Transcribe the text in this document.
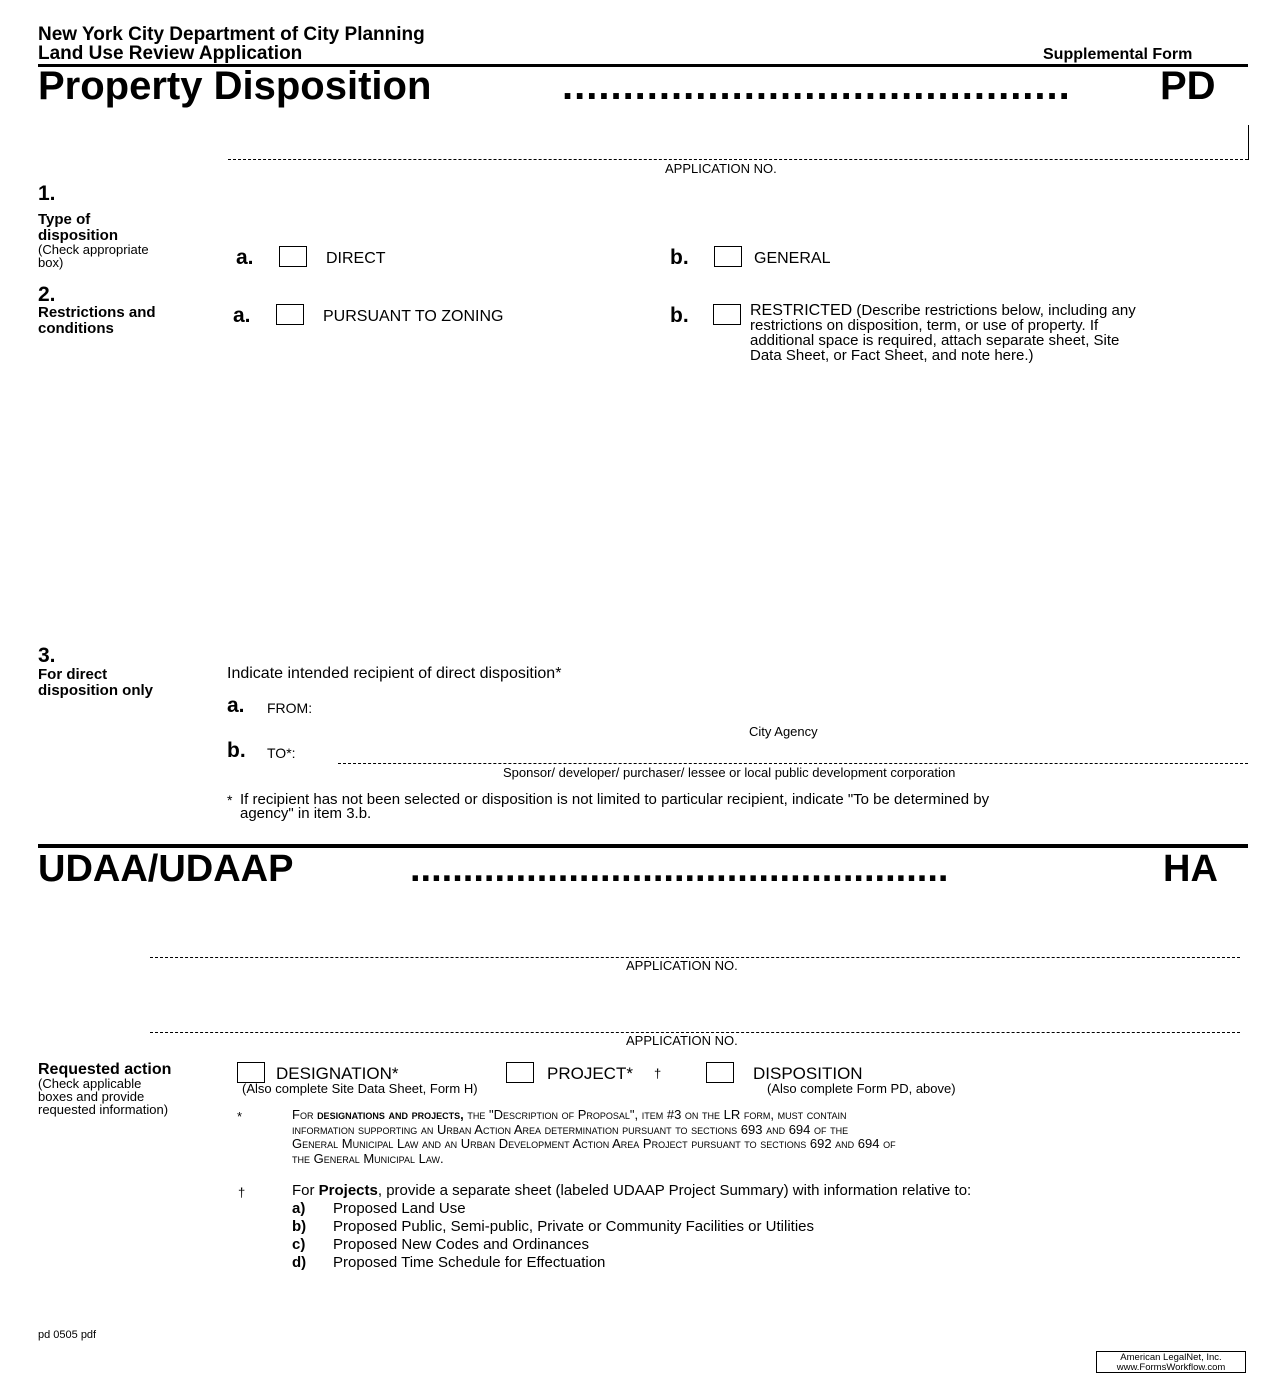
New York City Department of City Planning
Land Use Review Application	Supplemental Form
Property Disposition	.......................................... PD
APPLICATION NO.
1.
Type of
disposition
(Check appropriate
box)	a.	DIRECT	b.	GENERAL
2.
Restrictions and
conditions
a.	PURSUANT TO ZONING	b.	RESTRICTED (Describe restrictions below, including any
restrictions on disposition, term, or use of property. If
additional space is required, attach separate sheet, Site
Data Sheet, or Fact Sheet, and note here.)
3.
For direct
disposition only
Indicate intended recipient of direct disposition*
a. FROM:
City Agency
b. TO*:
Sponsor/ developer/ purchaser/ lessee or local public development corporation
* If recipient has not been selected or disposition is not limited to particular recipient, indicate "To be determined by
agency" in item 3.b.
UDAA/UDAAP	...................................................	HA
APPLICATION NO.
APPLICATION NO.
Requested action
(Check applicable
boxes and provide
requested information)
DESIGNATION*	PROJECT* †	DISPOSITION
(Also complete Site Data Sheet, Form H)	(Also complete Form PD, above)
*	For designations and projects, the "Description of Proposal", item #3 on the LR form, must contain
information supporting an Urban Action Area determination pursuant to sections 693 and 694 of the
General Municipal Law and an Urban Development Action Area Project pursuant to sections 692 and 694 of
the General Municipal Law.
†	For Projects, provide a separate sheet (labeled UDAAP Project Summary) with information relative to:
a) Proposed Land Use
b) Proposed Public, Semi-public, Private or Community Facilities or Utilities
c) Proposed New Codes and Ordinances
d) Proposed Time Schedule for Effectuation
pd 0505 pdf
American LegalNet, Inc.
www.FormsWorkflow.com
